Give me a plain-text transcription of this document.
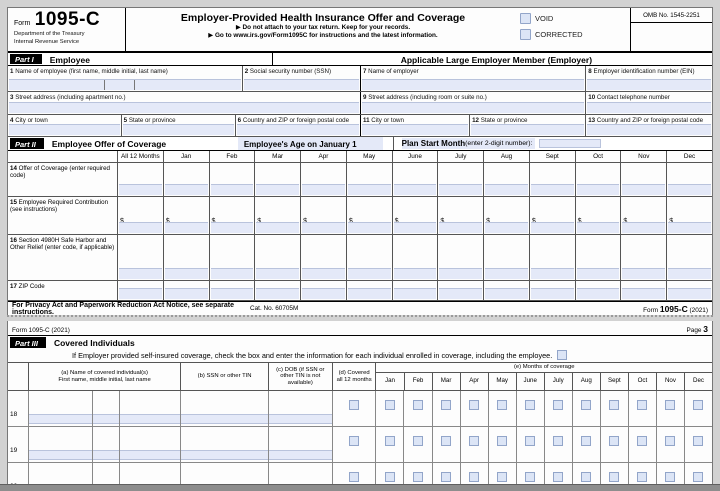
Form 1095-C
Department of the Treasury
Internal Revenue Service
Employer-Provided Health Insurance Offer and Coverage
▶ Do not attach to your tax return. Keep for your records.
▶ Go to www.irs.gov/Form1095C for instructions and the latest information.
VOID
CORRECTED
OMB No. 1545-2251
Part I	Employee	Applicable Large Employer Member (Employer)
1 Name of employee (first name, middle initial, last name)	2 Social security number (SSN)	7 Name of employer	8 Employer identification number (EIN)
3 Street address (including apartment no.)	9 Street address (including room or suite no.)	10 Contact telephone number
4 City or town	5 State or province	6 Country and ZIP or foreign postal code	11 City or town	12 State or province	13 Country and ZIP or foreign postal code
Part II	Employee Offer of Coverage	Employee's Age on January 1	Plan Start Month (enter 2-digit number):
All 12 Months	Jan	Feb	Mar	Apr	May	June	July	Aug	Sept	Oct	Nov	Dec
14 Offer of Coverage (enter required code)
15 Employee Required Contribution (see instructions)
16 Section 4980H Safe Harbor and Other Relief (enter code, if applicable)
17 ZIP Code
For Privacy Act and Paperwork Reduction Act Notice, see separate instructions.	Cat. No. 60705M	Form 1095-C (2021)
Form 1095-C (2021)	Page 3
Part III	Covered Individuals
If Employer provided self-insured coverage, check the box and enter the information for each individual enrolled in coverage, including the employee.
(a) Name of covered individual(s)
First name, middle initial, last name
(b) SSN or other TIN
(c) DOB (if SSN or other TIN is not available)
(d) Covered
all 12 months
(e) Months of coverage
Jan	Feb	Mar	Apr	May	June	July	Aug	Sept	Oct	Nov	Dec
18
19
